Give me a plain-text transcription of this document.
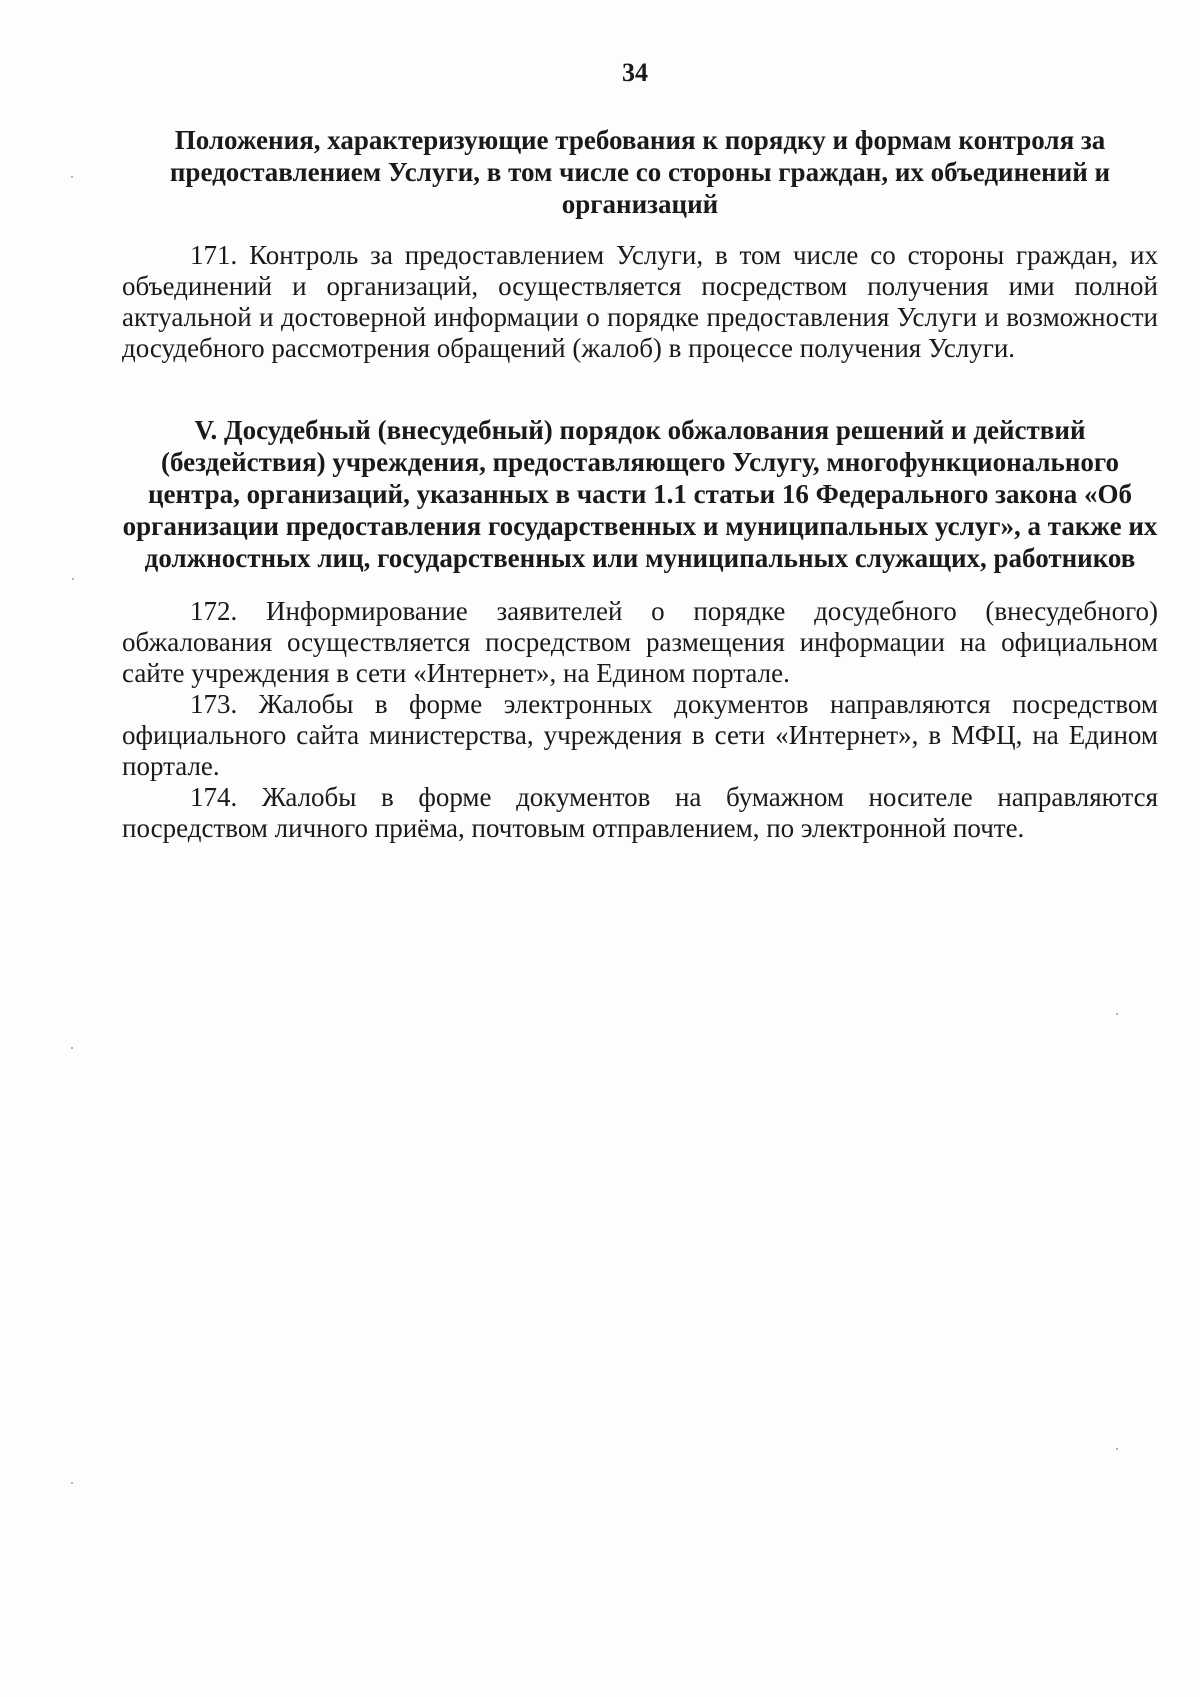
34

Положения, характеризующие требования к порядку и формам контроля за предоставлением Услуги, в том числе со стороны граждан, их объединений и организаций

171. Контроль за предоставлением Услуги, в том числе со стороны граждан, их объединений и организаций, осуществляется посредством получения ими полной актуальной и достоверной информации о порядке предоставления Услуги и возможности досудебного рассмотрения обращений (жалоб) в процессе получения Услуги.

V. Досудебный (внесудебный) порядок обжалования решений и действий (бездействия) учреждения, предоставляющего Услугу, многофункционального центра, организаций, указанных в части 1.1 статьи 16 Федерального закона «Об организации предоставления государственных и муниципальных услуг», а также их должностных лиц, государственных или муниципальных служащих, работников

172. Информирование заявителей о порядке досудебного (внесудебного) обжалования осуществляется посредством размещения информации на официальном сайте учреждения в сети «Интернет», на Едином портале.

173. Жалобы в форме электронных документов направляются посредством официального сайта министерства, учреждения в сети «Интернет», в МФЦ, на Едином портале.

174. Жалобы в форме документов на бумажном носителе направляются посредством личного приёма, почтовым отправлением, по электронной почте.
